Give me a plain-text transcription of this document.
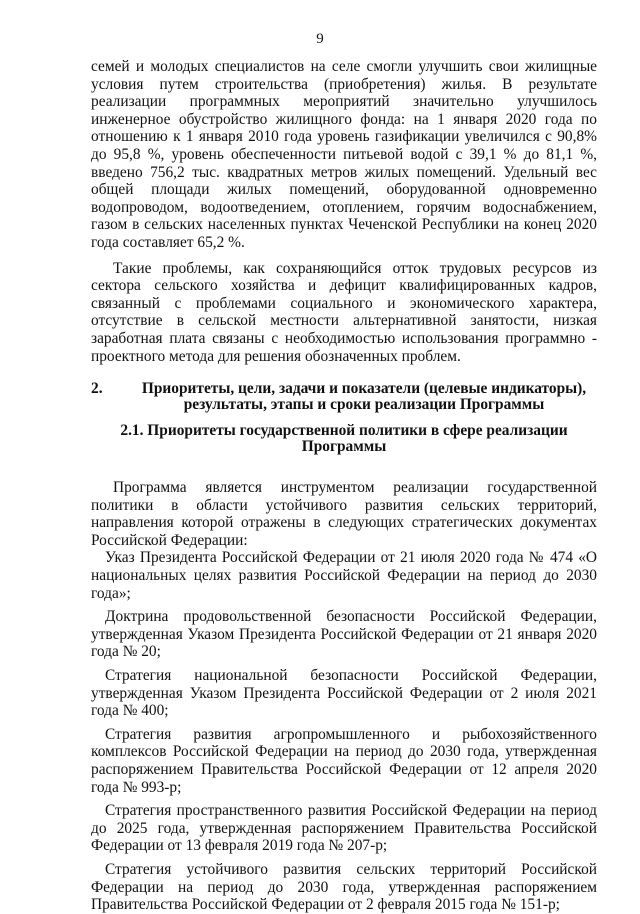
9

семей и молодых специалистов на селе смогли улучшить свои жилищные условия путем строительства (приобретения) жилья. В результате реализации программных мероприятий значительно улучшилось инженерное обустройство жилищного фонда: на 1 января 2020 года по отношению к 1 января 2010 года уровень газификации увеличился с 90,8% до 95,8 %, уровень обеспеченности питьевой водой с 39,1 % до 81,1 %, введено 756,2 тыс. квадратных метров жилых помещений. Удельный вес общей площади жилых помещений, оборудованной одновременно водопроводом, водоотведением, отоплением, горячим водоснабжением, газом в сельских населенных пунктах Чеченской Республики на конец 2020 года составляет 65,2 %.

Такие проблемы, как сохраняющийся отток трудовых ресурсов из сектора сельского хозяйства и дефицит квалифицированных кадров, связанный с проблемами социального и экономического характера, отсутствие в сельской местности альтернативной занятости, низкая заработная плата связаны с необходимостью использования программно - проектного метода для решения обозначенных проблем.

2.	Приоритеты, цели, задачи и показатели (целевые индикаторы), результаты, этапы и сроки реализации Программы
2.1. Приоритеты государственной политики в сфере реализации Программы

Программа является инструментом реализации государственной политики в области устойчивого развития сельских территорий, направления которой отражены в следующих стратегических документах Российской Федерации:

Указ Президента Российской Федерации от 21 июля 2020 года № 474 «О национальных целях развития Российской Федерации на период до 2030 года»;

Доктрина продовольственной безопасности Российской Федерации, утвержденная Указом Президента Российской Федерации от 21 января 2020 года № 20;

Стратегия национальной безопасности Российской Федерации, утвержденная Указом Президента Российской Федерации от 2 июля 2021 года № 400;

Стратегия развития агропромышленного и рыбохозяйственного комплексов Российской Федерации на период до 2030 года, утвержденная распоряжением Правительства Российской Федерации от 12 апреля 2020 года № 993-р;

Стратегия пространственного развития Российской Федерации на период до 2025 года, утвержденная распоряжением Правительства Российской Федерации от 13 февраля 2019 года № 207-р;

Стратегия устойчивого развития сельских территорий Российской Федерации на период до 2030 года, утвержденная распоряжением Правительства Российской Федерации от 2 февраля 2015 года № 151-р;
